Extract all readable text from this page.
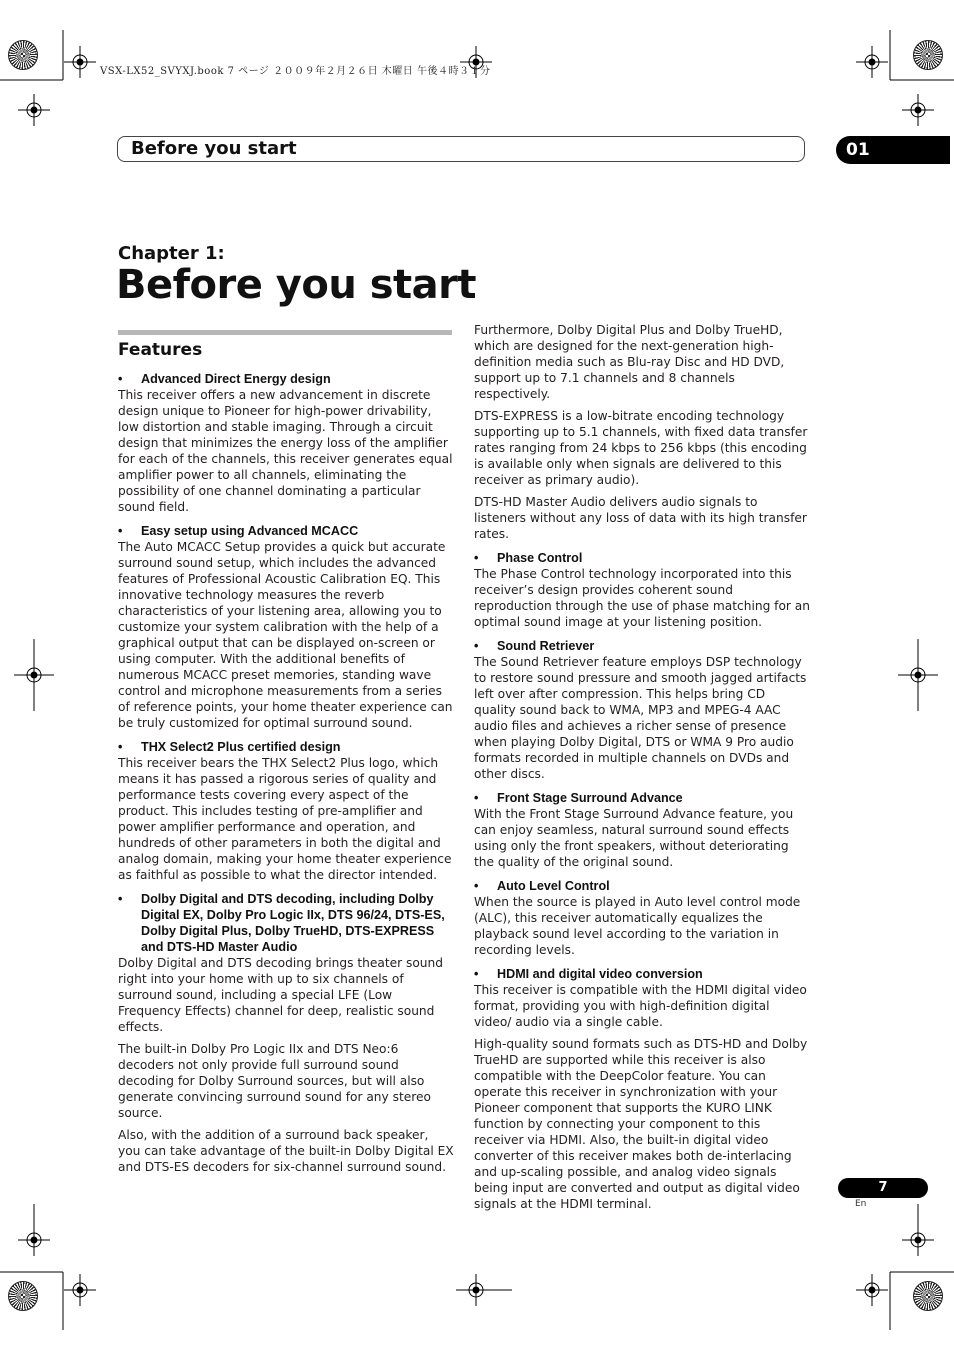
VSX-LX52_SVYXJ.book 7 ページ ２００９年２月２６日 木曜日 午後４時３１分
Before you start	01
Chapter 1:
Before you start
Features
• Advanced Direct Energy design

This receiver offers a new advancement in discrete design unique to Pioneer for high-power drivability, low distortion and stable imaging. Through a circuit design that minimizes the energy loss of the amplifier for each of the channels, this receiver generates equal amplifier power to all channels, eliminating the possibility of one channel dominating a particular sound field.

• Easy setup using Advanced MCACC

The Auto MCACC Setup provides a quick but accurate surround sound setup, which includes the advanced features of Professional Acoustic Calibration EQ. This innovative technology measures the reverb characteristics of your listening area, allowing you to customize your system calibration with the help of a graphical output that can be displayed on-screen or using computer. With the additional benefits of numerous MCACC preset memories, standing wave control and microphone measurements from a series of reference points, your home theater experience can be truly customized for optimal surround sound.

• THX Select2 Plus certified design

This receiver bears the THX Select2 Plus logo, which means it has passed a rigorous series of quality and performance tests covering every aspect of the product. This includes testing of pre-amplifier and power amplifier performance and operation, and hundreds of other parameters in both the digital and analog domain, making your home theater experience as faithful as possible to what the director intended.

• Dolby Digital and DTS decoding, including Dolby Digital EX, Dolby Pro Logic IIx, DTS 96/24, DTS-ES, Dolby Digital Plus, Dolby TrueHD, DTS-EXPRESS and DTS-HD Master Audio

Dolby Digital and DTS decoding brings theater sound right into your home with up to six channels of surround sound, including a special LFE (Low Frequency Effects) channel for deep, realistic sound effects.

The built-in Dolby Pro Logic IIx and DTS Neo:6 decoders not only provide full surround sound decoding for Dolby Surround sources, but will also generate convincing surround sound for any stereo source.

Also, with the addition of a surround back speaker, you can take advantage of the built-in Dolby Digital EX and DTS-ES decoders for six-channel surround sound.

Furthermore, Dolby Digital Plus and Dolby TrueHD, which are designed for the next-generation high-definition media such as Blu-ray Disc and HD DVD, support up to 7.1 channels and 8 channels respectively.

DTS-EXPRESS is a low-bitrate encoding technology supporting up to 5.1 channels, with fixed data transfer rates ranging from 24 kbps to 256 kbps (this encoding is available only when signals are delivered to this receiver as primary audio).

DTS-HD Master Audio delivers audio signals to listeners without any loss of data with its high transfer rates.

• Phase Control

The Phase Control technology incorporated into this receiver’s design provides coherent sound reproduction through the use of phase matching for an optimal sound image at your listening position.

• Sound Retriever

The Sound Retriever feature employs DSP technology to restore sound pressure and smooth jagged artifacts left over after compression. This helps bring CD quality sound back to WMA, MP3 and MPEG-4 AAC audio files and achieves a richer sense of presence when playing Dolby Digital, DTS or WMA 9 Pro audio formats recorded in multiple channels on DVDs and other discs.

• Front Stage Surround Advance

With the Front Stage Surround Advance feature, you can enjoy seamless, natural surround sound effects using only the front speakers, without deteriorating the quality of the original sound.

• Auto Level Control

When the source is played in Auto level control mode (ALC), this receiver automatically equalizes the playback sound level according to the variation in recording levels.

• HDMI and digital video conversion

This receiver is compatible with the HDMI digital video format, providing you with high-definition digital video/ audio via a single cable.

High-quality sound formats such as DTS-HD and Dolby TrueHD are supported while this receiver is also compatible with the DeepColor feature. You can operate this receiver in synchronization with your Pioneer component that supports the KURO LINK function by connecting your component to this receiver via HDMI. Also, the built-in digital video converter of this receiver makes both de-interlacing and up-scaling possible, and analog video signals being input are converted and output as digital video signals at the HDMI terminal.

7
En
